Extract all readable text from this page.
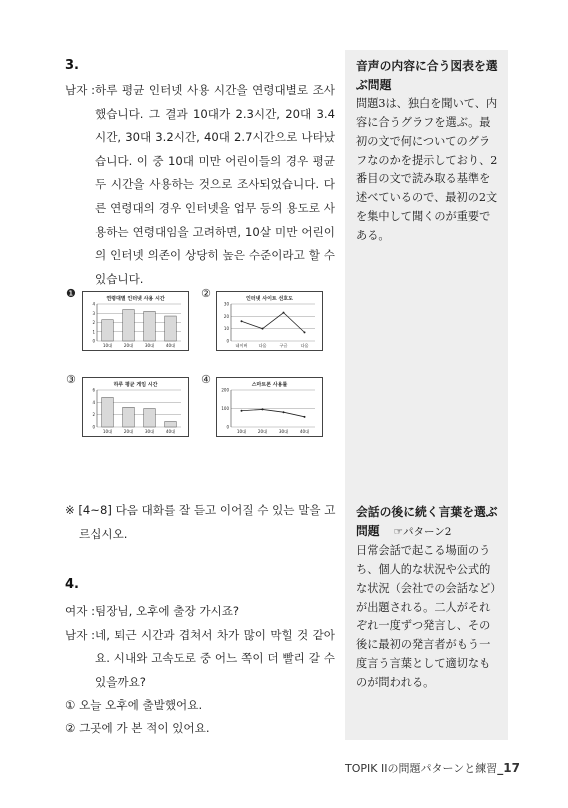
音声の内容に合う図表を選ぶ問題
問題3は、独白を聞いて、内容に合うグラフを選ぶ。最初の文で何についてのグラフなのかを提示しており、2番目の文で読み取る基準を述べているので、最初の2文を集中して聞くのが重要である。
会話の後に続く言葉を選ぶ問題 ☞パターン2
日常会話で起こる場面のうち、個人的な状況や公式的な状況（会社での会話など）が出題される。二人がそれぞれ一度ずつ発言し、その後に最初の発言者がもう一度言う言葉として適切なものが問われる。
3.
남자 : 하루 평균 인터넷 사용 시간을 연령대별로 조사했습니다. 그 결과 10대가 2.3시간, 20대 3.4시간, 30대 3.2시간, 40대 2.7시간으로 나타났습니다. 이 중 10대 미만 어린이들의 경우 평균 두 시간을 사용하는 것으로 조사되었습니다. 다른 연령대의 경우 인터넷을 업무 등의 용도로 사용하는 연령대임을 고려하면, 10살 미만 어린이의 인터넷 의존이 상당히 높은 수준이라고 할 수 있습니다.
❶	연령대별 인터넷 사용 시간
4
3
2
1
0
10대	20대	30대	40대
②	인터넷 사이트 선호도
30
20
10
0
네이버	다음	구글	다음
③	하루 평균 게임 시간
6
4
2
0
10대	20대	30대	40대
④	스마트폰 사용률
200
100
0
10대	20대	30대	40대
※ [4~8] 다음 대화를 잘 듣고 이어질 수 있는 말을 고르십시오.
4.
여자 : 팀장님, 오후에 출장 가시죠?
남자 : 네, 퇴근 시간과 겹쳐서 차가 많이 막힐 것 같아요. 시내와 고속도로 중 어느 쪽이 더 빨리 갈 수 있을까요?
① 오늘 오후에 출발했어요.
② 그곳에 가 본 적이 있어요.
TOPIK IIの問題パターンと練習_17
